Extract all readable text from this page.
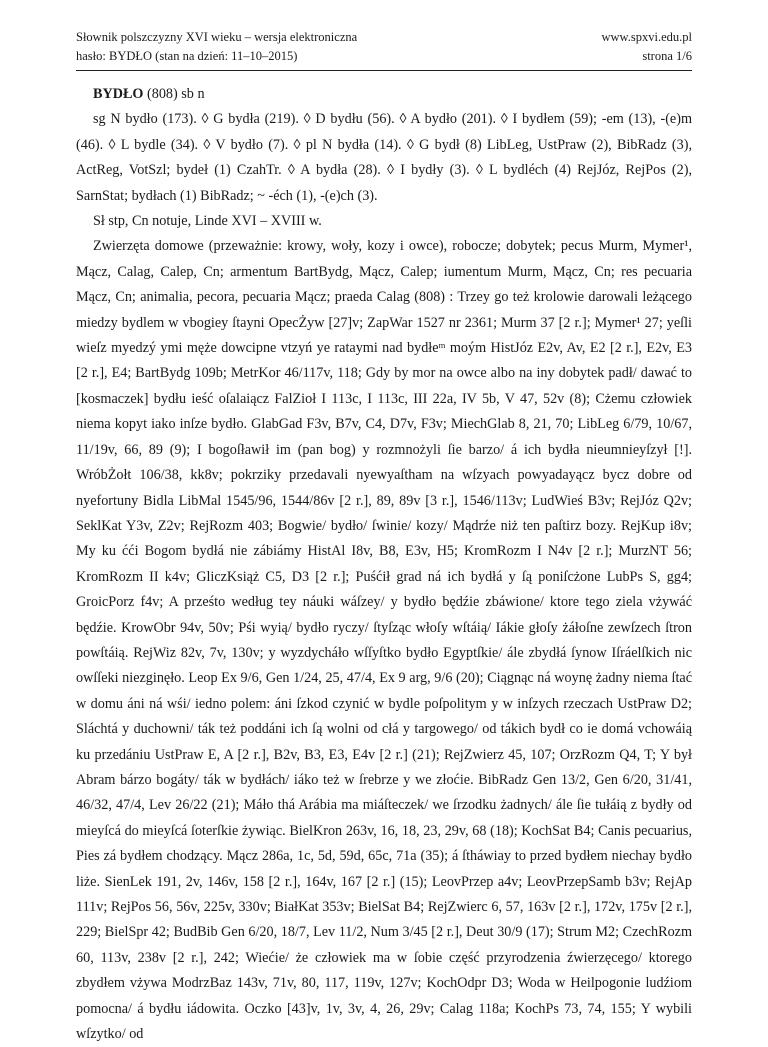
Słownik polszczyzny XVI wieku – wersja elektroniczna
hasło: BYDŁO (stan na dzień: 11–10–2015)
www.spxvi.edu.pl
strona 1/6

BYDŁO (808) sb n

sg N bydło (173). ◊ G bydła (219). ◊ D bydłu (56). ◊ A bydło (201). ◊ I bydłem (59); -em (13), -(e)m (46). ◊ L bydle (34). ◊ V bydło (7). ◊ pl N bydła (14). ◊ G bydł (8) LibLeg, UstPraw (2), BibRadz (3), ActReg, VotSzl; bydeł (1) CzahTr. ◊ A bydła (28). ◊ I bydły (3). ◊ L bydléch (4) RejJóz, RejPos (2), SarnStat; bydłach (1) BibRadz; ~ -éch (1), -(e)ch (3).

Sł stp, Cn notuje, Linde XVI – XVIII w.

Zwierzęta domowe (przeważnie: krowy, woły, kozy i owce), robocze; dobytek; pecus Murm, Mymer¹, Mącz, Calag, Calep, Cn; armentum BartBydg, Mącz, Calep; iumentum Murm, Mącz, Cn; res pecuaria Mącz, Cn; animalia, pecora, pecuaria Mącz; praeda Calag (808) : Trzey go też krolowie darowali leżącego miedzy bydlem w vbogiey ſtayni OpecŻyw [27]v; ZapWar 1527 nr 2361; Murm 37 [2 r.]; Mymer¹ 27; yeſli wieſz myedzý ymi męże dowcipne vtzyń ye rataymi nad bydłeᵐ moým HistJóz E2v, Av, E2 [2 r.], E2v, E3 [2 r.], E4; BartBydg 109b; MetrKor 46/117v, 118; Gdy by mor na owce albo na iny dobytek padł/ dawać to [kosmaczek] bydłu ieść oſalaiącz FalZioł I 113c, I 113c, III 22a, IV 5b, V 47, 52v (8); Cżemu człowiek niema kopyt iako inſze bydło. GlabGad F3v, B7v, C4, D7v, F3v; MiechGlab 8, 21, 70; LibLeg 6/79, 10/67, 11/19v, 66, 89 (9); I bogoſławił im (pan bog) y rozmnożyli ſie barzo/ á ich bydła nieumnieyſzył [!]. WróbŻołt 106/38, kk8v; pokrziky przedavali nyewyaſtham na wſzyach powyadayącz bycz dobre od nyefortuny Bidla LibMal 1545/96, 1544/86v [2 r.], 89, 89v [3 r.], 1546/113v; LudWieś B3v; RejJóz Q2v; SeklKat Y3v, Z2v; RejRozm 403; Bogwie/ bydło/ ſwinie/ kozy/ Mądrźe niż ten paſtirz bozy. RejKup i8v; My ku ćći Bogom bydłá nie zábiámy HistAl I8v, B8, E3v, H5; KromRozm I N4v [2 r.]; MurzNT 56; KromRozm II k4v; GliczKsiąż C5, D3 [2 r.]; Puśćił grad ná ich bydłá y ſą poniſcżone LubPs S, gg4; GroicPorz f4v; A prześto według tey náuki wáſzey/ y bydło będźie zbáwione/ ktore tego ziela vżywáć będźie. KrowObr 94v, 50v; Pśi wyią/ bydło ryczy/ ſtyſząc włoſy wſtáią/ Iákie głoſy żáłoſne zewſzech ſtron powſtáią. RejWiz 82v, 7v, 130v; y wyzdycháło wſſyſtko bydło Egyptſkie/ ále zbydłá ſynow Iſráelſkich nic owſſeki niezginęło. Leop Ex 9/6, Gen 1/24, 25, 47/4, Ex 9 arg, 9/6 (20); Ciągnąc ná woynę żadny niema ſtać w domu áni ná wśi/ iedno polem: áni ſzkod czynić w bydle poſpolitym y w inſzych rzeczach UstPraw D2; Sláchtá y duchowni/ ták też poddáni ich ſą wolni od cłá y targowego/ od tákich bydł co ie domá vchowáią ku przedániu UstPraw E, A [2 r.], B2v, B3, E3, E4v [2 r.] (21); RejZwierz 45, 107; OrzRozm Q4, T; Y był Abram bárzo bogáty/ ták w bydłách/ iáko też w ſrebrze y we złoćie. BibRadz Gen 13/2, Gen 6/20, 31/41, 46/32, 47/4, Lev 26/22 (21); Máło thá Arábia ma miáſteczek/ we ſrzodku żadnych/ ále ſie tułáią z bydły od mieyſcá do mieyſcá ſoterſkie żywiąc. BielKron 263v, 16, 18, 23, 29v, 68 (18); KochSat B4; Canis pecuarius, Pies zá bydłem chodzący. Mącz 286a, 1c, 5d, 59d, 65c, 71a (35); á ſtháwiay to przed bydłem niechay bydło liże. SienLek 191, 2v, 146v, 158 [2 r.], 164v, 167 [2 r.] (15); LeovPrzep a4v; LeovPrzepSamb b3v; RejAp 111v; RejPos 56, 56v, 225v, 330v; BiałKat 353v; BielSat B4; RejZwierc 6, 57, 163v [2 r.], 172v, 175v [2 r.], 229; BielSpr 42; BudBib Gen 6/20, 18/7, Lev 11/2, Num 3/45 [2 r.], Deut 30/9 (17); Strum M2; CzechRozm 60, 113v, 238v [2 r.], 242; Wiećie/ że człowiek ma w ſobie część przyrodzenia źwierzęcego/ ktorego zbydłem vżywa ModrzBaz 143v, 71v, 80, 117, 119v, 127v; KochOdpr D3; Woda w Heilpogonie ludźiom pomocna/ á bydłu iádowita. Oczko [43]v, 1v, 3v, 4, 26, 29v; Calag 118a; KochPs 73, 74, 155; Y wybili wſzytko/ od
